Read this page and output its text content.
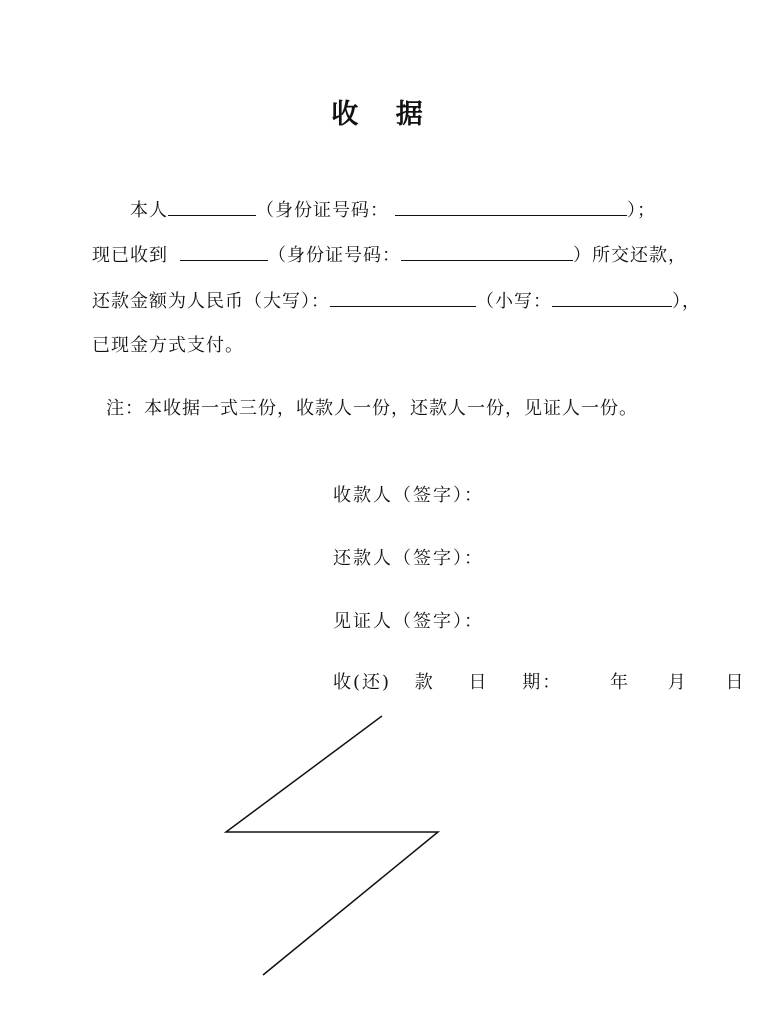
收 据
本人	（身份证号码：	）；
现已收到	（身份证号码：	）所交还款，
还款金额为人民币（大写）：	（小写：	），
已现金方式支付。
注：本收据一式三份，收款人一份，还款人一份，见证人一份。
收款人（签字）：
还款人（签字）：
见证人（签字）：
收(还) 款 日 期：	年 月 日
